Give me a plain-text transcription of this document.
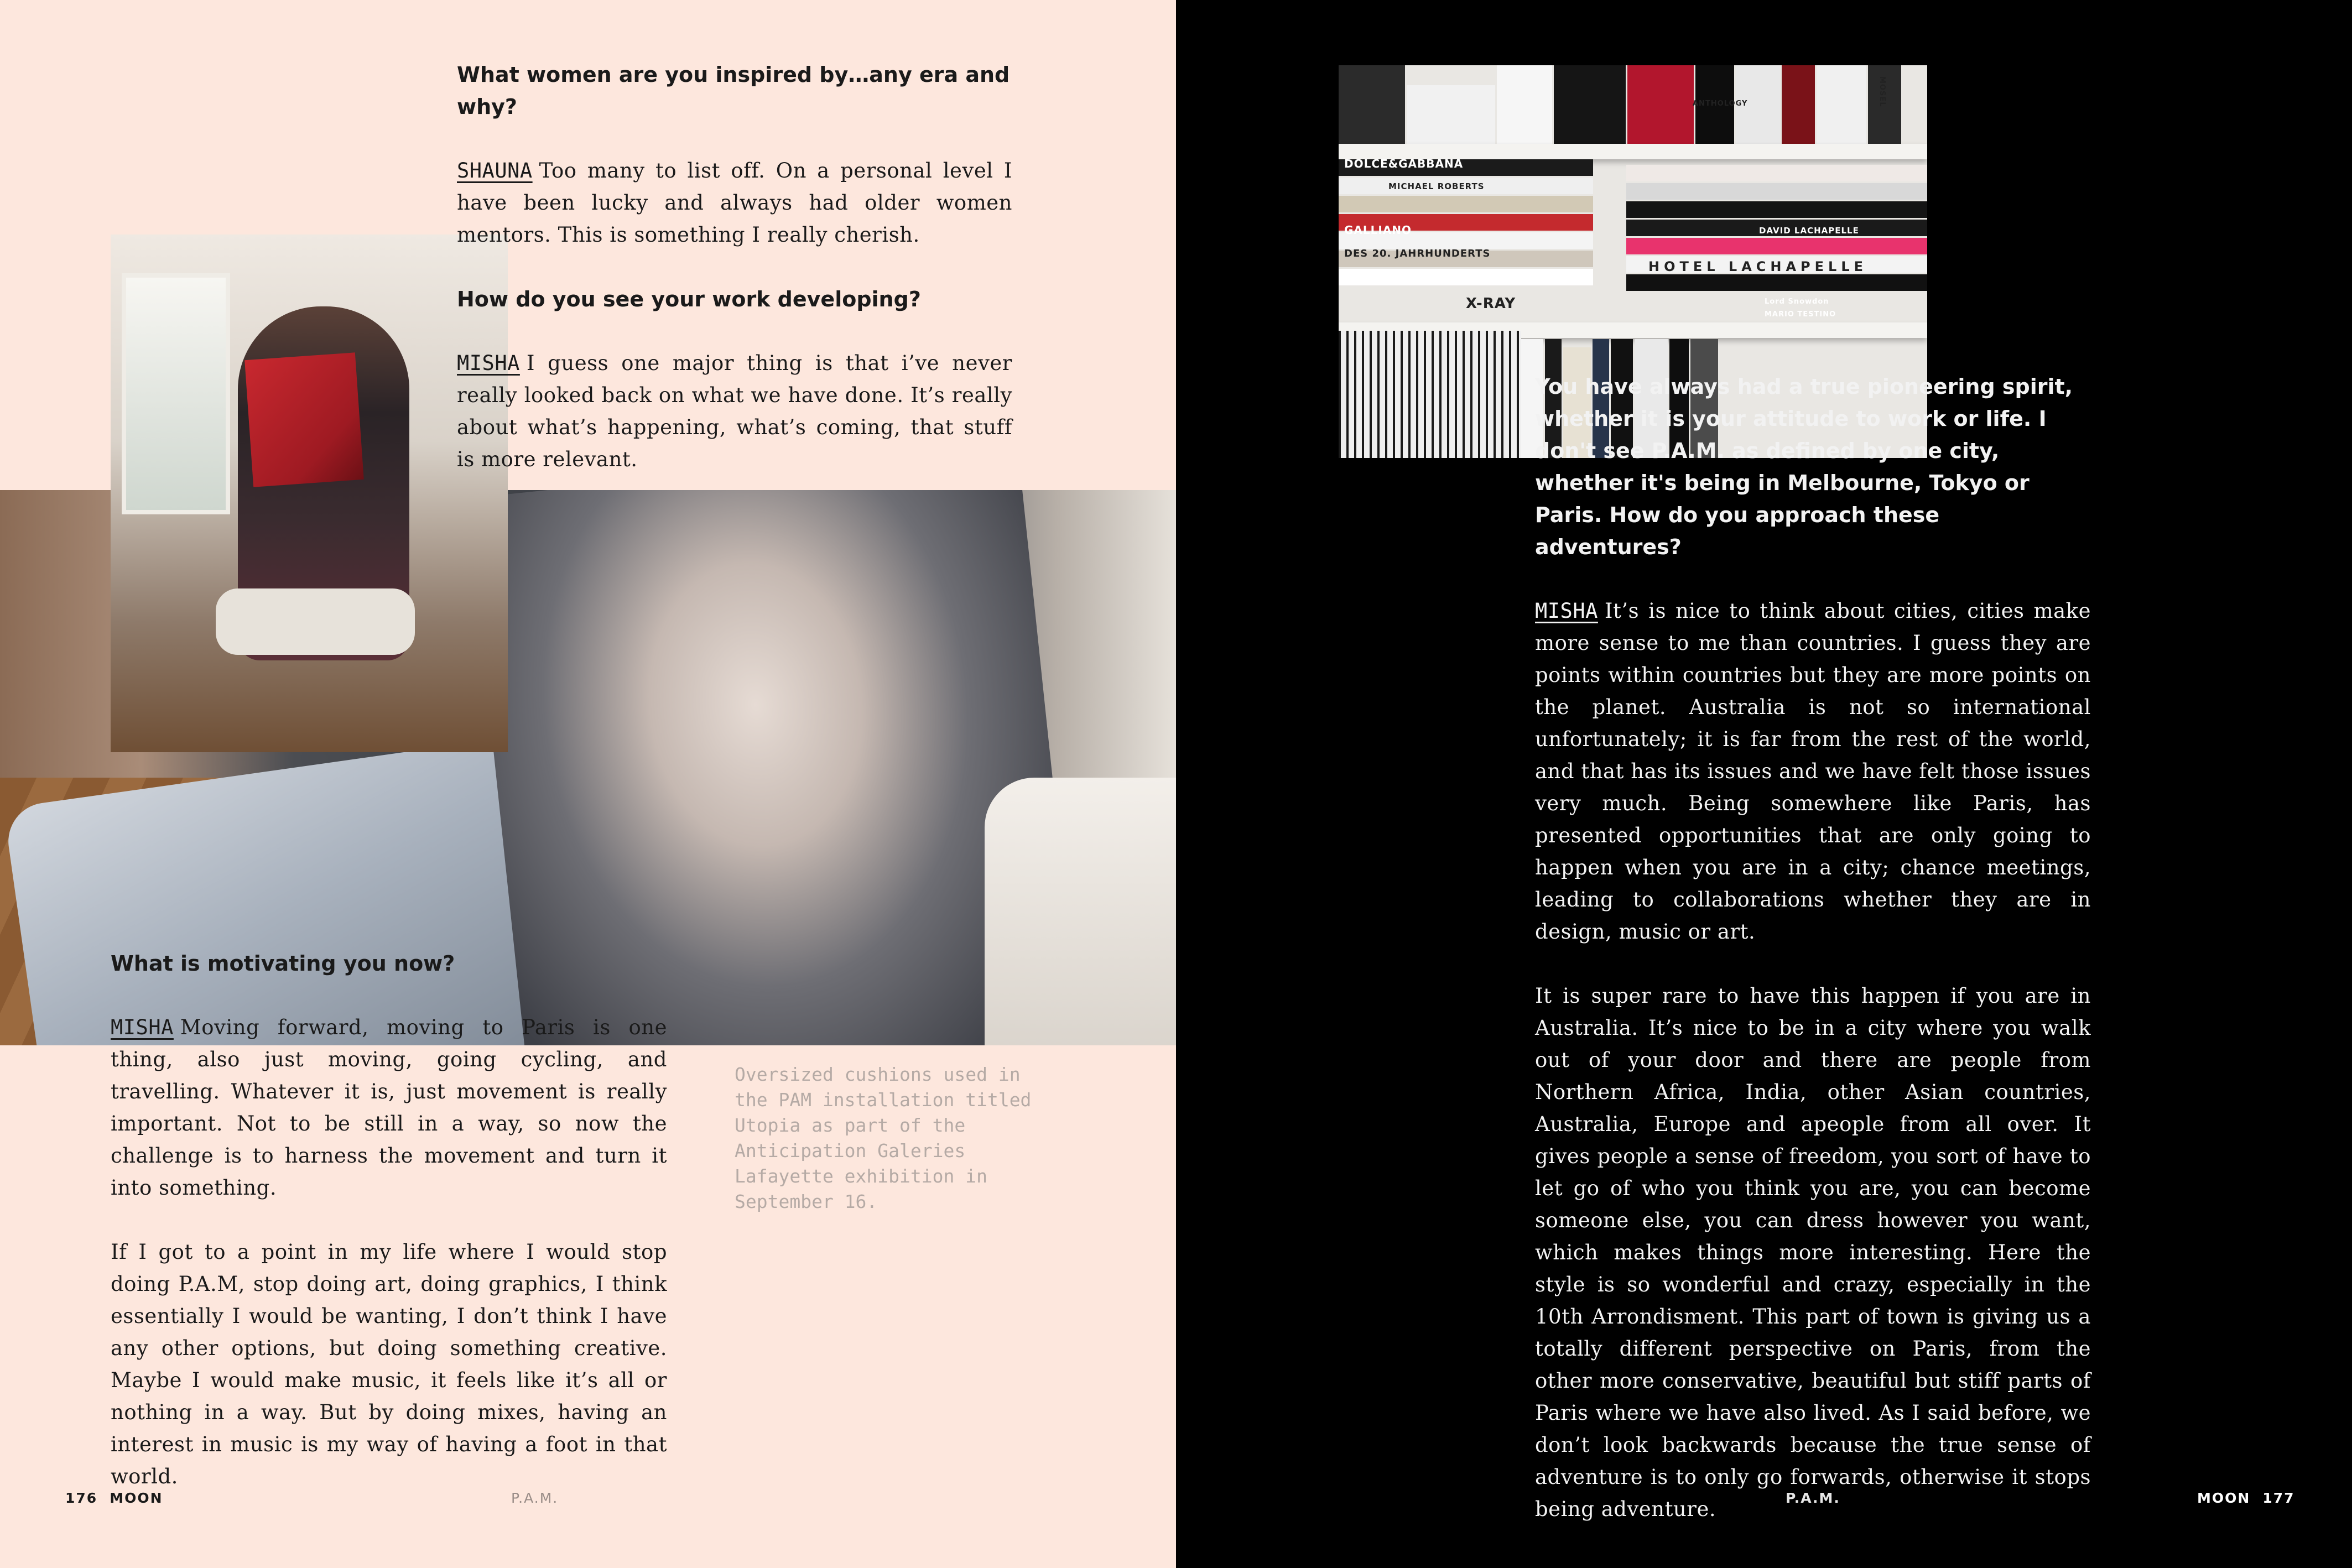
DOLCE&GABBANA
MICHAEL ROBERTS
GALLIANO
DES 20. JAHRHUNDERTS
X-RAY
DAVID LACHAPELLE
HOTEL LACHAPELLE
Lord Snowdon
MARIO TESTINO
ANTHOLOGY	MOSEL

What women are you inspired by…any era and why?

SHAUNA Too many to list off. On a personal level I have been lucky and always had older women mentors. This is something I really cherish.

How do you see your work developing?

MISHA I guess one major thing is that i’ve never really looked back on what we have done. It’s really about what’s happening, what’s coming, that stuff is more relevant.

What is motivating you now?

MISHA Moving forward, moving to Paris is one thing, also just moving, going cycling, and travelling. Whatever it is, just movement is really important. Not to be still in a way, so now the challenge is to harness the movement and turn it into something.

If I got to a point in my life where I would stop doing P.A.M, stop doing art, doing graphics, I think essentially I would be wanting, I don’t think I have any other options, but doing something creative. Maybe I would make music, it feels like it’s all or nothing in a way. But by doing mixes, having an interest in music is my way of having a foot in that world.

Oversized cushions used in the PAM installation titled Utopia as part of the Anticipation Galeries Lafayette exhibition in September 16.

176 MOON	P.A.M.

You have always had a true pioneering spirit, whether it is your attitude to work or life. I don't see P.A.M. as defined by one city, whether it's being in Melbourne, Tokyo or Paris. How do you approach these adventures?

MISHA It’s is nice to think about cities, cities make more sense to me than countries. I guess they are points within countries but they are more points on the planet. Australia is not so international unfortunately; it is far from the rest of the world, and that has its issues and we have felt those issues very much. Being somewhere like Paris, has presented opportunities that are only going to happen when you are in a city; chance meetings, leading to collaborations whether they are in design, music or art.

It is super rare to have this happen if you are in Australia. It’s nice to be in a city where you walk out of your door and there are people from Northern Africa, India, other Asian countries, Australia, Europe and apeople from all over. It gives people a sense of freedom, you sort of have to let go of who you think you are, you can become someone else, you can dress however you want, which makes things more interesting. Here the style is so wonderful and crazy, especially in the 10th Arrondisment. This part of town is giving us a totally different perspective on Paris, from the other more conservative, beautiful but stiff parts of Paris where we have also lived. As I said before, we don’t look backwards because the true sense of adventure is to only go forwards, otherwise it stops being adventure.	P.A.M.	MOON 177
